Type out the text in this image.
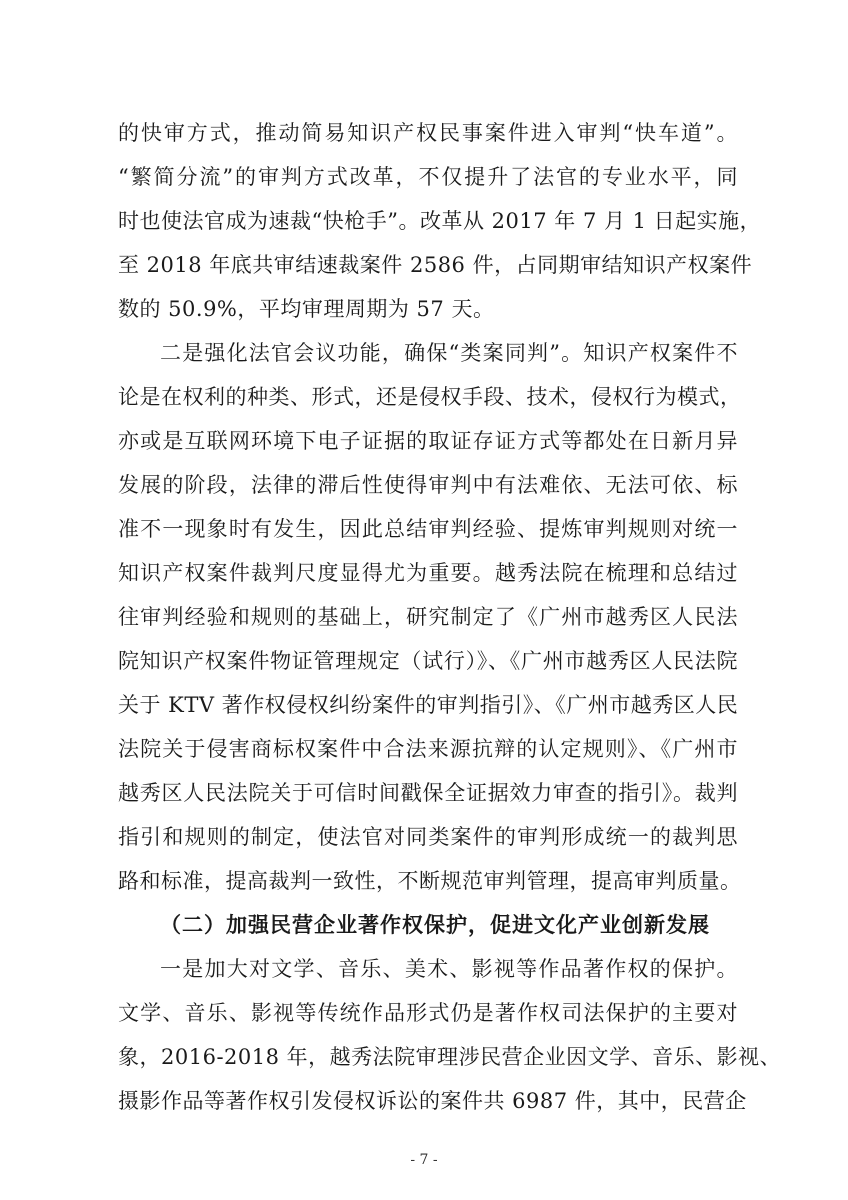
的快审方式，推动简易知识产权民事案件进入审判“快车道”。
“繁简分流”的审判方式改革，不仅提升了法官的专业水平，同
时也使法官成为速裁“快枪手”。改革从 2017 年 7 月 1 日起实施，
至 2018 年底共审结速裁案件 2586 件，占同期审结知识产权案件
数的 50.9%，平均审理周期为 57 天。
二是强化法官会议功能，确保“类案同判”。知识产权案件不
论是在权利的种类、形式，还是侵权手段、技术，侵权行为模式，
亦或是互联网环境下电子证据的取证存证方式等都处在日新月异
发展的阶段，法律的滞后性使得审判中有法难依、无法可依、标
准不一现象时有发生，因此总结审判经验、提炼审判规则对统一
知识产权案件裁判尺度显得尤为重要。越秀法院在梳理和总结过
往审判经验和规则的基础上，研究制定了《广州市越秀区人民法
院知识产权案件物证管理规定（试行）》、《广州市越秀区人民法院
关于 KTV 著作权侵权纠纷案件的审判指引》、《广州市越秀区人民
法院关于侵害商标权案件中合法来源抗辩的认定规则》、《广州市
越秀区人民法院关于可信时间戳保全证据效力审查的指引》。裁判
指引和规则的制定，使法官对同类案件的审判形成统一的裁判思
路和标准，提高裁判一致性，不断规范审判管理，提高审判质量。
（二）加强民营企业著作权保护，促进文化产业创新发展
一是加大对文学、音乐、美术、影视等作品著作权的保护。
文学、音乐、影视等传统作品形式仍是著作权司法保护的主要对
象，2016-2018 年，越秀法院审理涉民营企业因文学、音乐、影视、
摄影作品等著作权引发侵权诉讼的案件共 6987 件，其中，民营企
- 7 -
